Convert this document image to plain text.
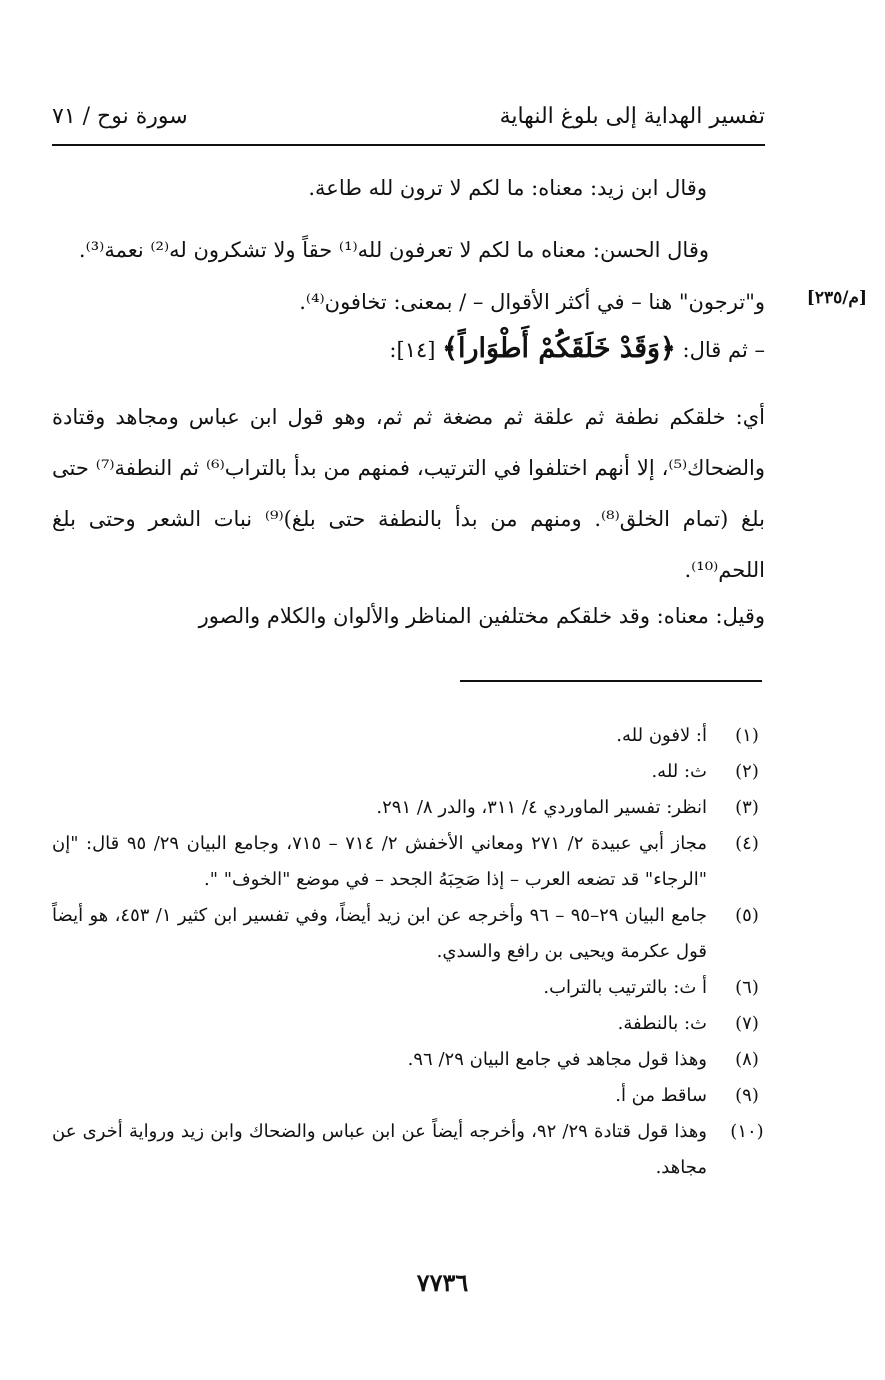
تفسير الهداية إلى بلوغ النهاية
سورة نوح / ٧١
[م/٢٣٥]

وقال ابن زيد: معناه: ما لكم لا ترون لله طاعة.

وقال الحسن: معناه ما لكم لا تعرفون لله⁽¹⁾ حقاً ولا تشكرون له⁽²⁾ نعمة⁽³⁾.

و"ترجون" هنا – في أكثر الأقوال – / بمعنى: تخافون⁽⁴⁾.

– ثم قال: ﴿وَقَدْ خَلَقَكُمْ أَطْوَاراً﴾ [١٤]:

أي: خلقكم نطفة ثم علقة ثم مضغة ثم ثم، وهو قول ابن عباس ومجاهد وقتادة والضحاك⁽⁵⁾، إلا أنهم اختلفوا في الترتيب، فمنهم من بدأ بالتراب⁽⁶⁾ ثم النطفة⁽⁷⁾ حتى بلغ (تمام الخلق⁽⁸⁾. ومنهم من بدأ بالنطفة حتى بلغ)⁽⁹⁾ نبات الشعر وحتى بلغ اللحم⁽¹⁰⁾.

وقيل: معناه: وقد خلقكم مختلفين المناظر والألوان والكلام والصور

(١)
أ: لافون لله.
(٢)
ث: لله.
(٣)
انظر: تفسير الماوردي ٤/ ٣١١، والدر ٨/ ٢٩١.
(٤)
مجاز أبي عبيدة ٢/ ٢٧١ ومعاني الأخفش ٢/ ٧١٤ – ٧١٥، وجامع البيان ٢٩/ ٩٥ قال: "إن "الرجاء" قد تضعه العرب – إذا صَحِبَهُ الجحد – في موضع "الخوف" ".
(٥)
جامع البيان ٢٩–٩٥ – ٩٦ وأخرجه عن ابن زيد أيضاً، وفي تفسير ابن كثير ١/ ٤٥٣، هو أيضاً قول عكرمة ويحيى بن رافع والسدي.
(٦)
أ ث: بالترتيب بالتراب.
(٧)
ث: بالنطفة.
(٨)
وهذا قول مجاهد في جامع البيان ٢٩/ ٩٦.
(٩)
ساقط من أ.
(١٠)
وهذا قول قتادة ٢٩/ ٩٢، وأخرجه أيضاً عن ابن عباس والضحاك وابن زيد ورواية أخرى عن مجاهد.
٧٧٣٦
